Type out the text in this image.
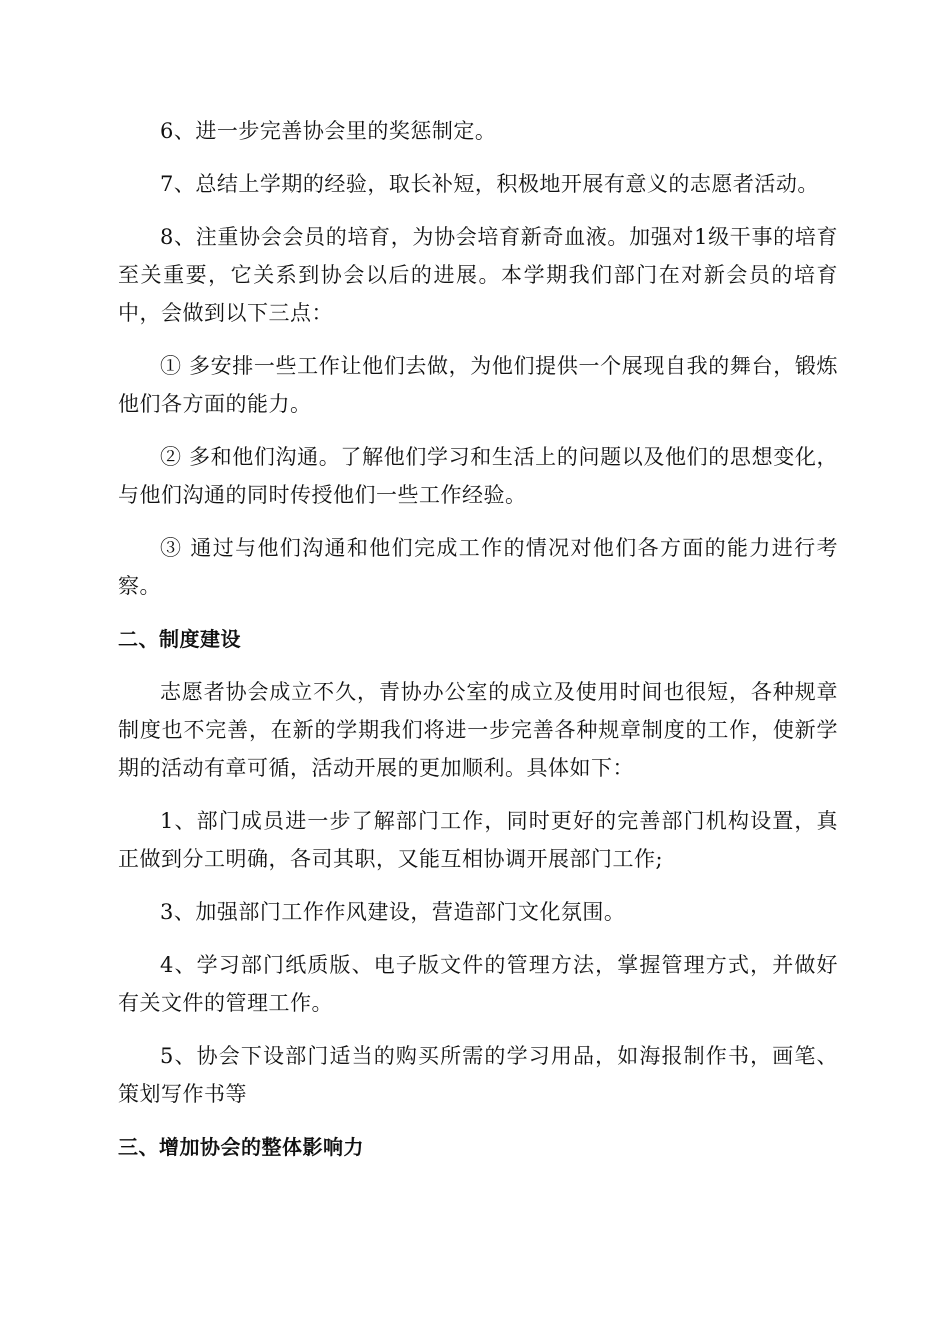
6、进一步完善协会里的奖惩制定。

7、总结上学期的经验，取长补短，积极地开展有意义的志愿者活动。

8、注重协会会员的培育，为协会培育新奇血液。加强对1级干事的培育至关重要，它关系到协会以后的进展。本学期我们部门在对新会员的培育中，会做到以下三点：

① 多安排一些工作让他们去做，为他们提供一个展现自我的舞台，锻炼他们各方面的能力。

② 多和他们沟通。了解他们学习和生活上的问题以及他们的思想变化，与他们沟通的同时传授他们一些工作经验。

③ 通过与他们沟通和他们完成工作的情况对他们各方面的能力进行考察。

二、制度建设

志愿者协会成立不久，青协办公室的成立及使用时间也很短，各种规章制度也不完善，在新的学期我们将进一步完善各种规章制度的工作，使新学期的活动有章可循，活动开展的更加顺利。具体如下：

1、部门成员进一步了解部门工作，同时更好的完善部门机构设置，真正做到分工明确，各司其职，又能互相协调开展部门工作;

3、加强部门工作作风建设，营造部门文化氛围。

4、学习部门纸质版、电子版文件的管理方法，掌握管理方式，并做好有关文件的管理工作。

5、协会下设部门适当的购买所需的学习用品，如海报制作书，画笔、策划写作书等

三、增加协会的整体影响力
